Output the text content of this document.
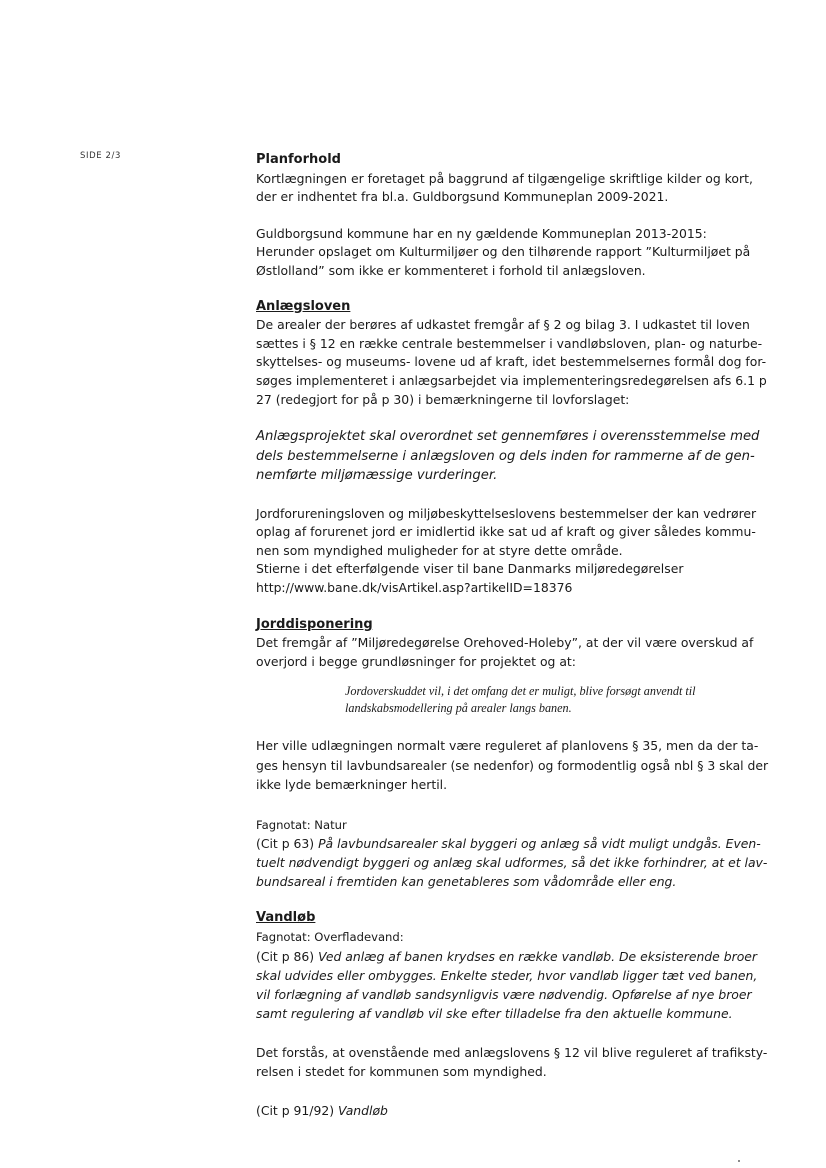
SIDE 2/3	Planforhold

Kortlægningen er foretaget på baggrund af tilgængelige skriftlige kilder og kort,
der er indhentet fra bl.a. Guldborgsund Kommuneplan 2009-2021.

Guldborgsund kommune har en ny gældende Kommuneplan 2013-2015:
Herunder opslaget om Kulturmiljøer og den tilhørende rapport ”Kulturmiljøet på
Østlolland” som ikke er kommenteret i forhold til anlægsloven.

Anlægsloven

De arealer der berøres af udkastet fremgår af § 2 og bilag 3. I udkastet til loven
sættes i § 12 en række centrale bestemmelser i vandløbsloven, plan- og naturbe-
skyttelses- og museums- lovene ud af kraft, idet bestemmelsernes formål dog for-
søges implementeret i anlægsarbejdet via implementeringsredegørelsen afs 6.1 p
27 (redegjort for på p 30) i bemærkningerne til lovforslaget:

Anlægsprojektet skal overordnet set gennemføres i overensstemmelse med
dels bestemmelserne i anlægsloven og dels inden for rammerne af de gen-
nemførte miljømæssige vurderinger.

Jordforureningsloven og miljøbeskyttelseslovens bestemmelser der kan vedrører
oplag af forurenet jord er imidlertid ikke sat ud af kraft og giver således kommu-
nen som myndighed muligheder for at styre dette område.
Stierne i det efterfølgende viser til bane Danmarks miljøredegørelser
http://www.bane.dk/visArtikel.asp?artikelID=18376

Jorddisponering

Det fremgår af ”Miljøredegørelse Orehoved-Holeby”, at der vil være overskud af
overjord i begge grundløsninger for projektet og at:

Jordoverskuddet vil, i det omfang det er muligt, blive forsøgt anvendt til
landskabsmodellering på arealer langs banen.

Her ville udlægningen normalt være reguleret af planlovens § 35, men da der ta-
ges hensyn til lavbundsarealer (se nedenfor) og formodentlig også nbl § 3 skal der
ikke lyde bemærkninger hertil.

Fagnotat: Natur

(Cit p 63) På lavbundsarealer skal byggeri og anlæg så vidt muligt undgås. Even-
tuelt nødvendigt byggeri og anlæg skal udformes, så det ikke forhindrer, at et lav-
bundsareal i fremtiden kan genetableres som vådområde eller eng.

Vandløb

Fagnotat: Overfladevand:

(Cit p 86) Ved anlæg af banen krydses en række vandløb. De eksisterende broer
skal udvides eller ombygges. Enkelte steder, hvor vandløb ligger tæt ved banen,
vil forlægning af vandløb sandsynligvis være nødvendig. Opførelse af nye broer
samt regulering af vandløb vil ske efter tilladelse fra den aktuelle kommune.

Det forstås, at ovenstående med anlægslovens § 12 vil blive reguleret af trafiksty-
relsen i stedet for kommunen som myndighed.

(Cit p 91/92) Vandløb
